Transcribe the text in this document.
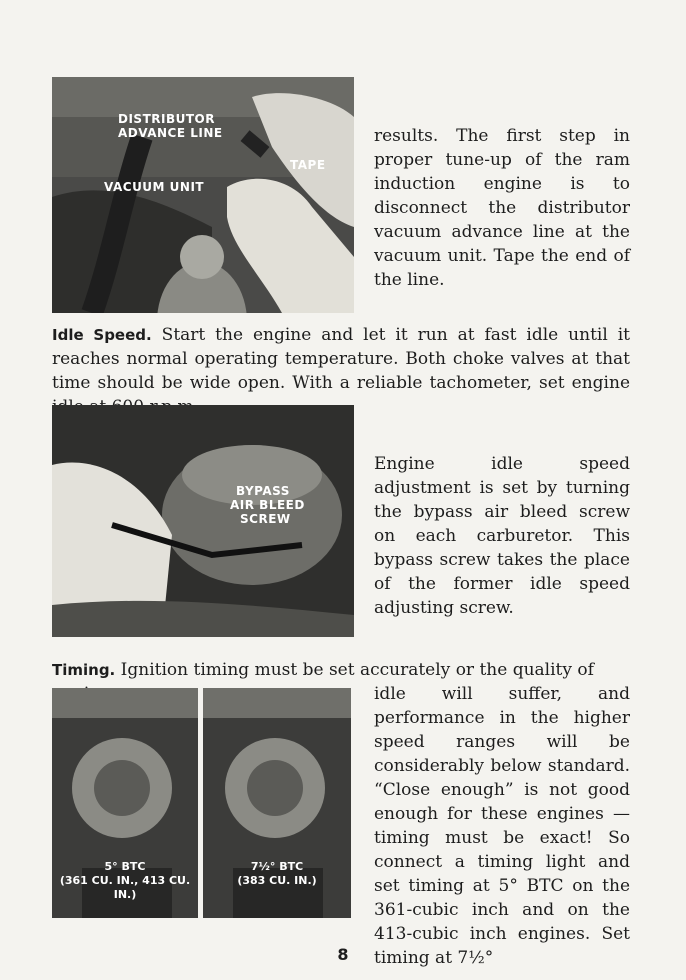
DISTRIBUTOR
ADVANCE LINE
TAPE
VACUUM UNIT

results. The first step in proper tune-up of the ram induction engine is to disconnect the distributor vacuum advance line at the vacuum unit. Tape the end of the line.

Idle Speed. Start the engine and let it run at fast idle until it reaches normal operating temperature. Both choke valves at that time should be wide open. With a reliable tachometer, set engine

BYPASS
AIR BLEED
SCREW

Engine idle speed adjustment is set by turning the bypass air bleed screw on each carburetor. This bypass screw takes the place of the former idle speed adjusting screw.

Timing. Ignition timing must be set accurately or the quality of

5° BTC
(361 CU. IN., 413 CU. IN.)
7½° BTC
(383 CU. IN.)

idle will suffer, and performance in the higher speed ranges will be considerably below standard. “Close enough” is not good enough for these engines —timing must be exact! So connect a timing light and set timing at 5° BTC on the 361-cubic inch and on the 413-cubic inch engines. Set timing at 7½°

8
